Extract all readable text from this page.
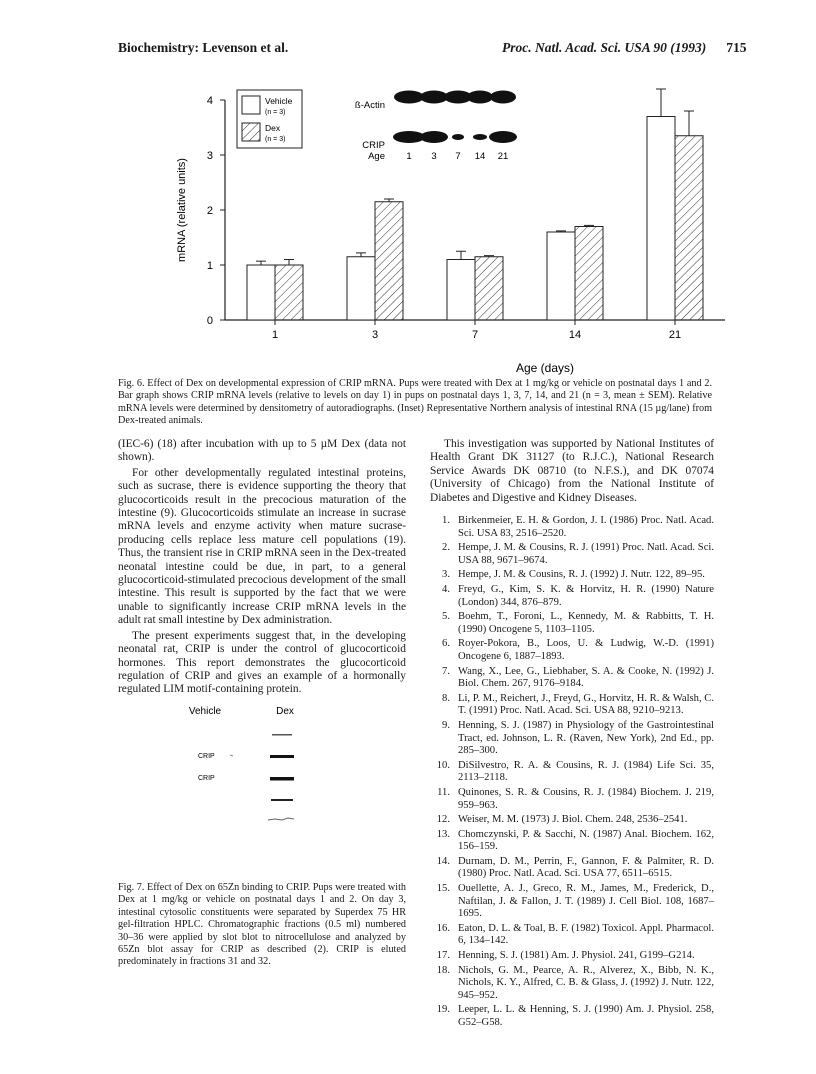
Biochemistry: Levenson et al.	Proc. Natl. Acad. Sci. USA 90 (1993) 715
0
1
2
3
4
mRNA (relative units)
Age (days)
1	3	7	14	21
Vehicle
(n = 3)
Dex
(n = 3)
ß-Actin
CRIP
Age 1 3 7 14 21
Fig. 6. Effect of Dex on developmental expression of CRIP mRNA. Pups were treated with Dex at 1 mg/kg or vehicle on postnatal days 1 and 2. Bar graph shows CRIP mRNA levels (relative to levels on day 1) in pups on postnatal days 1, 3, 7, 14, and 21 (n = 3, mean ± SEM). Relative mRNA levels were determined by densitometry of autoradiographs. (Inset) Representative Northern analysis of intestinal RNA (15 µg/lane) from Dex-treated animals.

(IEC-6) (18) after incubation with up to 5 µM Dex (data not shown).

For other developmentally regulated intestinal proteins, such as sucrase, there is evidence supporting the theory that glucocorticoids result in the precocious maturation of the intestine (9). Glucocorticoids stimulate an increase in sucrase mRNA levels and enzyme activity when mature sucrase-producing cells replace less mature cell populations (19). Thus, the transient rise in CRIP mRNA seen in the Dex-treated neonatal intestine could be due, in part, to a general glucocorticoid-stimulated precocious development of the small intestine. This result is supported by the fact that we were unable to significantly increase CRIP mRNA levels in the adult rat small intestine by Dex administration.

The present experiments suggest that, in the developing neonatal rat, CRIP is under the control of glucocorticoid hormones. This report demonstrates the glucocorticoid regulation of CRIP and gives an example of a hormonally regulated LIM motif-containing protein.

Vehicle	Dex
CRIP
CRIP
Fig. 7. Effect of Dex on 65Zn binding to CRIP. Pups were treated with Dex at 1 mg/kg or vehicle on postnatal days 1 and 2. On day 3, intestinal cytosolic constituents were separated by Superdex 75 HR gel-filtration HPLC. Chromatographic fractions (0.5 ml) numbered 30–36 were applied by slot blot to nitrocellulose and analyzed by 65Zn blot assay for CRIP as described (2). CRIP is eluted predominately in fractions 31 and 32.

This investigation was supported by National Institutes of Health Grant DK 31127 (to R.J.C.), National Research Service Awards DK 08710 (to N.F.S.), and DK 07074 (University of Chicago) from the National Institute of Diabetes and Digestive and Kidney Diseases.

1. Birkenmeier, E. H. & Gordon, J. I. (1986) Proc. Natl. Acad. Sci. USA 83, 2516–2520.
2. Hempe, J. M. & Cousins, R. J. (1991) Proc. Natl. Acad. Sci. USA 88, 9671–9674.
3. Hempe, J. M. & Cousins, R. J. (1992) J. Nutr. 122, 89–95.
4. Freyd, G., Kim, S. K. & Horvitz, H. R. (1990) Nature (London) 344, 876–879.
5. Boehm, T., Foroni, L., Kennedy, M. & Rabbitts, T. H. (1990) Oncogene 5, 1103–1105.
6. Royer-Pokora, B., Loos, U. & Ludwig, W.-D. (1991) Oncogene 6, 1887–1893.
7. Wang, X., Lee, G., Liebhaber, S. A. & Cooke, N. (1992) J. Biol. Chem. 267, 9176–9184.
8. Li, P. M., Reichert, J., Freyd, G., Horvitz, H. R. & Walsh, C. T. (1991) Proc. Natl. Acad. Sci. USA 88, 9210–9213.
9. Henning, S. J. (1987) in Physiology of the Gastrointestinal Tract, ed. Johnson, L. R. (Raven, New York), 2nd Ed., pp. 285–300.
10. DiSilvestro, R. A. & Cousins, R. J. (1984) Life Sci. 35, 2113–2118.
11. Quinones, S. R. & Cousins, R. J. (1984) Biochem. J. 219, 959–963.
12. Weiser, M. M. (1973) J. Biol. Chem. 248, 2536–2541.
13. Chomczynski, P. & Sacchi, N. (1987) Anal. Biochem. 162, 156–159.
14. Durnam, D. M., Perrin, F., Gannon, F. & Palmiter, R. D. (1980) Proc. Natl. Acad. Sci. USA 77, 6511–6515.
15. Ouellette, A. J., Greco, R. M., James, M., Frederick, D., Naftilan, J. & Fallon, J. T. (1989) J. Cell Biol. 108, 1687–1695.
16. Eaton, D. L. & Toal, B. F. (1982) Toxicol. Appl. Pharmacol. 6, 134–142.
17. Henning, S. J. (1981) Am. J. Physiol. 241, G199–G214.
18. Nichols, G. M., Pearce, A. R., Alverez, X., Bibb, N. K., Nichols, K. Y., Alfred, C. B. & Glass, J. (1992) J. Nutr. 122, 945–952.
19. Leeper, L. L. & Henning, S. J. (1990) Am. J. Physiol. 258, G52–G58.
